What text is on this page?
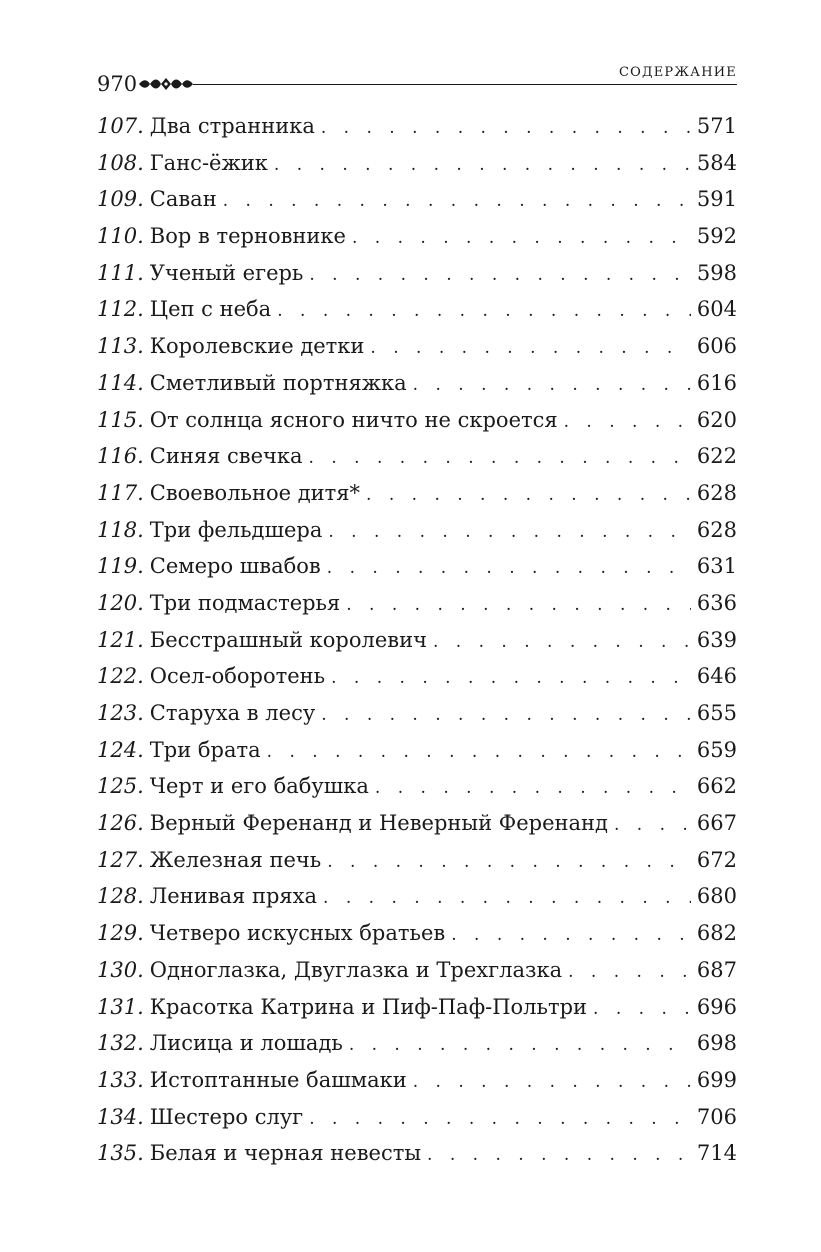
970	СОДЕРЖАНИЕ
107. Два странника . . .	571
108. Ганс-ёжик . . .	584
109. Саван . . .	591
110. Вор в терновнике . . .	592
111. Ученый егерь . . .	598
112. Цеп с неба . . .	604
113. Королевские детки . . .	606
114. Сметливый портняжка . . .	616
115. От солнца ясного ничто не скроется . . .	620
116. Синяя свечка . . .	622
117. Своевольное дитя* . . .	628
118. Три фельдшера . . .	628
119. Семеро швабов . . .	631
120. Три подмастерья . . .	636
121. Бесстрашный королевич . . .	639
122. Осел-оборотень . . .	646
123. Старуха в лесу . . .	655
124. Три брата . . .	659
125. Черт и его бабушка . . .	662
126. Верный Ференанд и Неверный Ференанд . . .	667
127. Железная печь . . .	672
128. Ленивая пряха . . .	680
129. Четверо искусных братьев . . .	682
130. Одноглазка, Двуглазка и Трехглазка . . .	687
131. Красотка Катрина и Пиф-Паф-Польтри . . .	696
132. Лисица и лошадь . . .	698
133. Истоптанные башмаки . . .	699
134. Шестеро слуг . . .	706
135. Белая и черная невесты . . .	714
